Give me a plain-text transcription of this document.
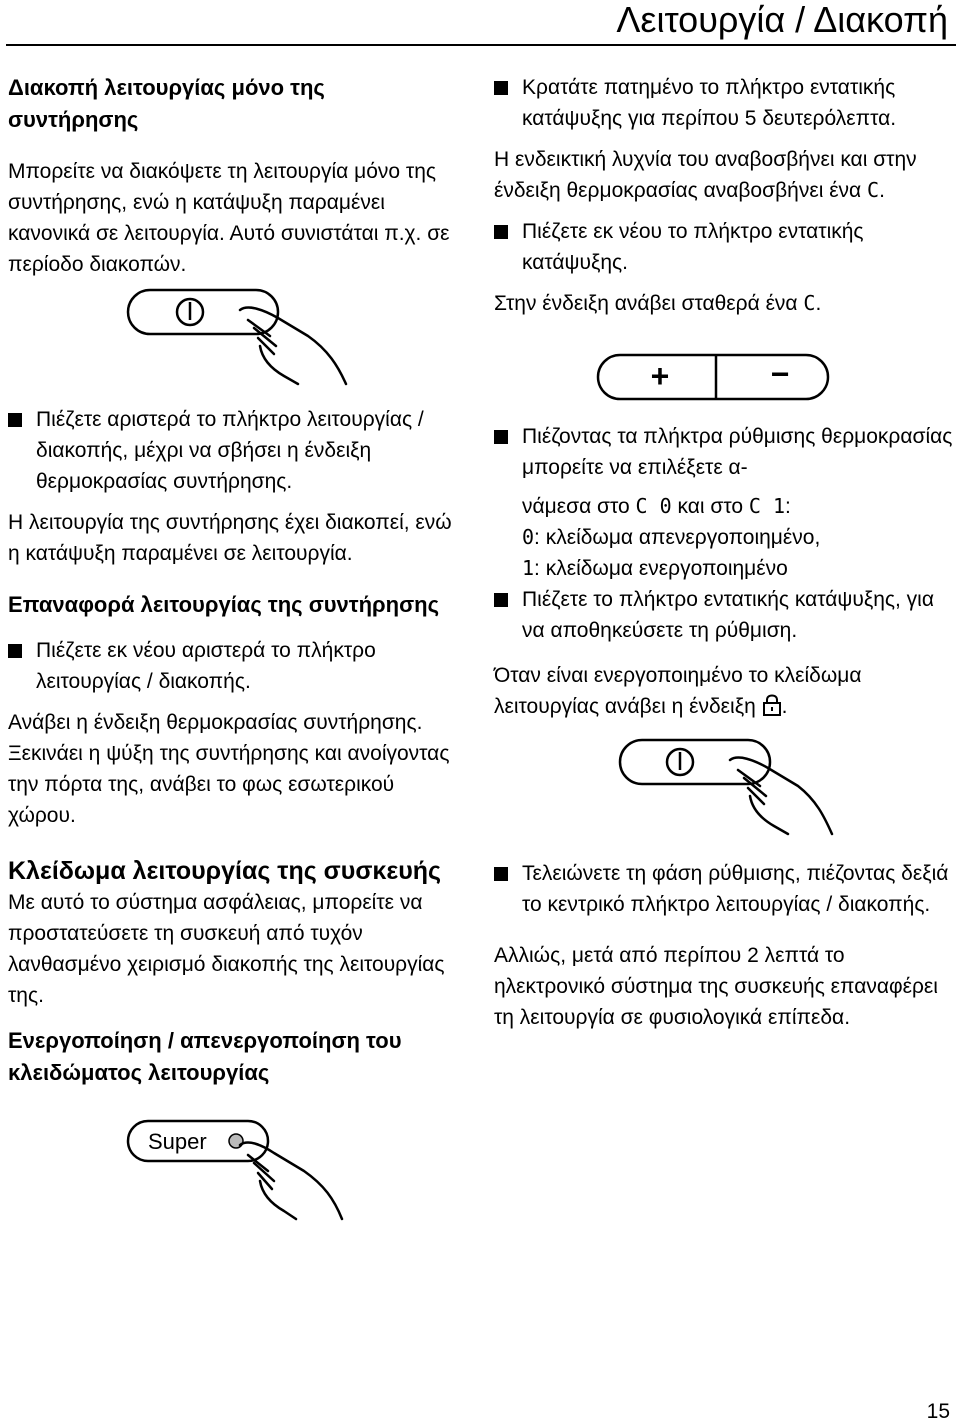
Λειτουργία / Διακοπή
Διακοπή λειτουργίας μόνο της συντήρησης
Μπορείτε να διακόψετε τη λειτουργία μόνο της συντήρησης, ενώ η κατάψυξη παραμένει κανονικά σε λειτουργία. Αυτό συνιστάται π.χ. σε περίοδο διακοπών.
Πιέζετε αριστερά το πλήκτρο λειτουργίας / διακοπής, μέχρι να σβήσει η ένδειξη θερμοκρασίας συντήρησης.
Η λειτουργία της συντήρησης έχει διακοπεί, ενώ η κατάψυξη παραμένει σε λειτουργία.
Επαναφορά λειτουργίας της συντήρησης
Πιέζετε εκ νέου αριστερά το πλήκτρο λειτουργίας / διακοπής.
Ανάβει η ένδειξη θερμοκρασίας συντήρησης. Ξεκινάει η ψύξη της συντήρησης και ανοίγοντας την πόρτα της, ανάβει το φως εσωτερικού χώρου.
Κλείδωμα λειτουργίας της συσκευής
Με αυτό το σύστημα ασφάλειας, μπορείτε να προστατεύσετε τη συσκευή από τυχόν λανθασμένο χειρισμό διακοπής της λειτουργίας της.
Ενεργοποίηση / απενεργοποίηση του κλειδώματος λειτουργίας
Super
Κρατάτε πατημένο το πλήκτρο εντατικής κατάψυξης για περίπου 5 δευτερόλεπτα.
Η ενδεικτική λυχνία του αναβοσβήνει και στην ένδειξη θερμοκρασίας αναβοσβήνει ένα C.
Πιέζετε εκ νέου το πλήκτρο εντατικής κατάψυξης.
Στην ένδειξη ανάβει σταθερά ένα C.
+	−
Πιέζοντας τα πλήκτρα ρύθμισης θερμοκρασίας μπορείτε να επιλέξετε α-
νάμεσα στο C 0 και στο C 1:
0: κλείδωμα απενεργοποιημένο,
1: κλείδωμα ενεργοποιημένο
Πιέζετε το πλήκτρο εντατικής κατάψυξης, για να αποθηκεύσετε τη ρύθμιση.
Όταν είναι ενεργοποιημένο το κλείδωμα λειτουργίας ανάβει η ένδειξη .
Τελειώνετε τη φάση ρύθμισης, πιέζοντας δεξιά το κεντρικό πλήκτρο λειτουργίας / διακοπής.
Αλλιώς, μετά από περίπου 2 λεπτά το ηλεκτρονικό σύστημα της συσκευής επαναφέρει τη λειτουργία σε φυσιολογικά επίπεδα.
15
